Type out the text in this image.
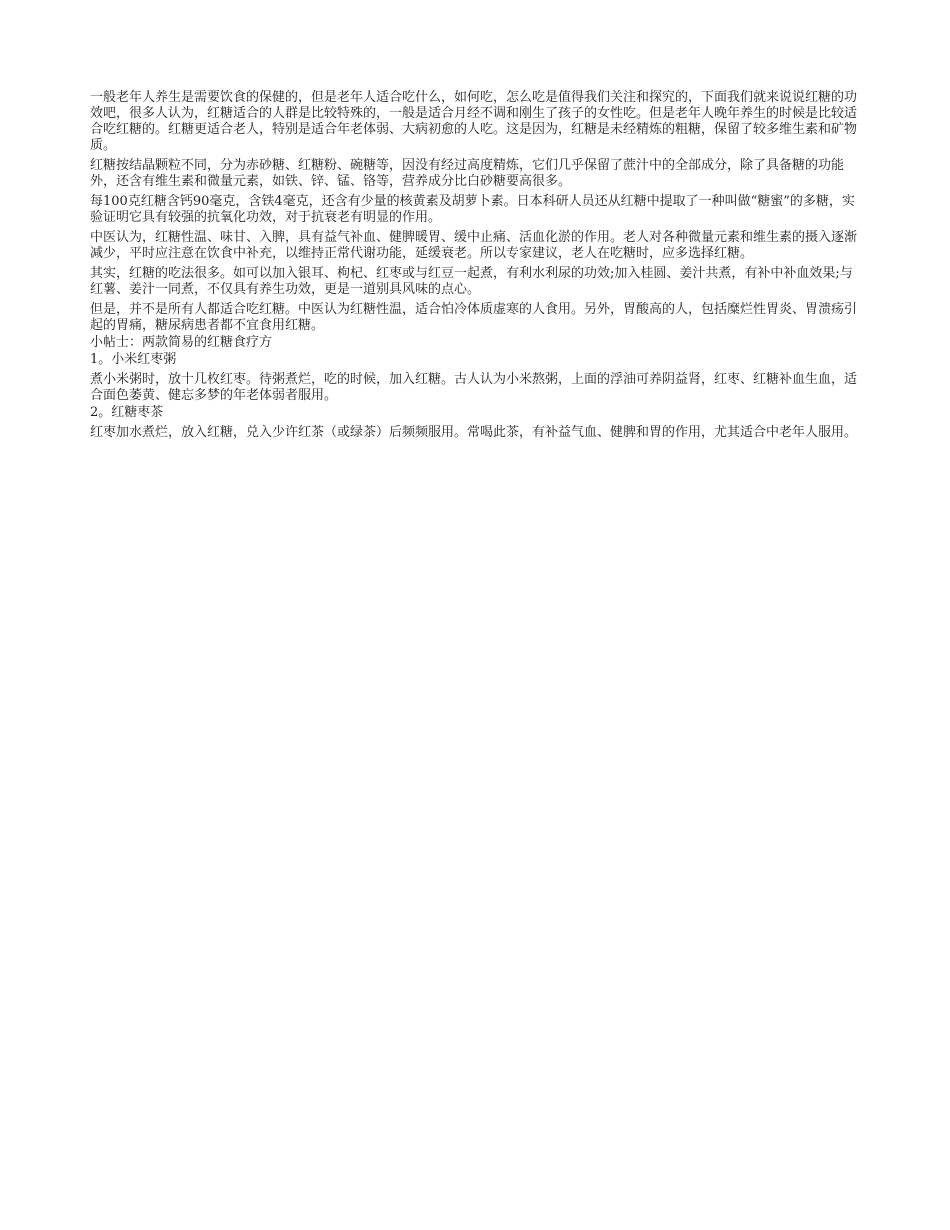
一般老年人养生是需要饮食的保健的，但是老年人适合吃什么，如何吃，怎么吃是值得我们关注和探究的，下面我们就来说说红糖的功效吧，很多人认为，红糖适合的人群是比较特殊的，一般是适合月经不调和刚生了孩子的女性吃。但是老年人晚年养生的时候是比较适合吃红糖的。红糖更适合老人，特别是适合年老体弱、大病初愈的人吃。这是因为，红糖是未经精炼的粗糖，保留了较多维生素和矿物质。

红糖按结晶颗粒不同，分为赤砂糖、红糖粉、碗糖等，因没有经过高度精炼，它们几乎保留了蔗汁中的全部成分，除了具备糖的功能外，还含有维生素和微量元素，如铁、锌、锰、铬等，营养成分比白砂糖要高很多。

每100克红糖含钙90毫克，含铁4毫克，还含有少量的核黄素及胡萝卜素。日本科研人员还从红糖中提取了一种叫做“糖蜜”的多糖，实验证明它具有较强的抗氧化功效，对于抗衰老有明显的作用。

中医认为，红糖性温、味甘、入脾，具有益气补血、健脾暖胃、缓中止痛、活血化淤的作用。老人对各种微量元素和维生素的摄入逐渐减少，平时应注意在饮食中补充，以维持正常代谢功能，延缓衰老。所以专家建议，老人在吃糖时，应多选择红糖。

其实，红糖的吃法很多。如可以加入银耳、枸杞、红枣或与红豆一起煮，有利水利尿的功效;加入桂圆、姜汁共煮，有补中补血效果;与红薯、姜汁一同煮，不仅具有养生功效，更是一道别具风味的点心。

但是，并不是所有人都适合吃红糖。中医认为红糖性温，适合怕冷体质虚寒的人食用。另外，胃酸高的人，包括糜烂性胃炎、胃溃疡引起的胃痛，糖尿病患者都不宜食用红糖。

小帖士：两款简易的红糖食疗方

1。小米红枣粥

煮小米粥时，放十几枚红枣。待粥煮烂，吃的时候，加入红糖。古人认为小米熬粥，上面的浮油可养阴益肾，红枣、红糖补血生血，适合面色萎黄、健忘多梦的年老体弱者服用。

2。红糖枣茶

红枣加水煮烂，放入红糖，兑入少许红茶（或绿茶）后频频服用。常喝此茶，有补益气血、健脾和胃的作用，尤其适合中老年人服用。
